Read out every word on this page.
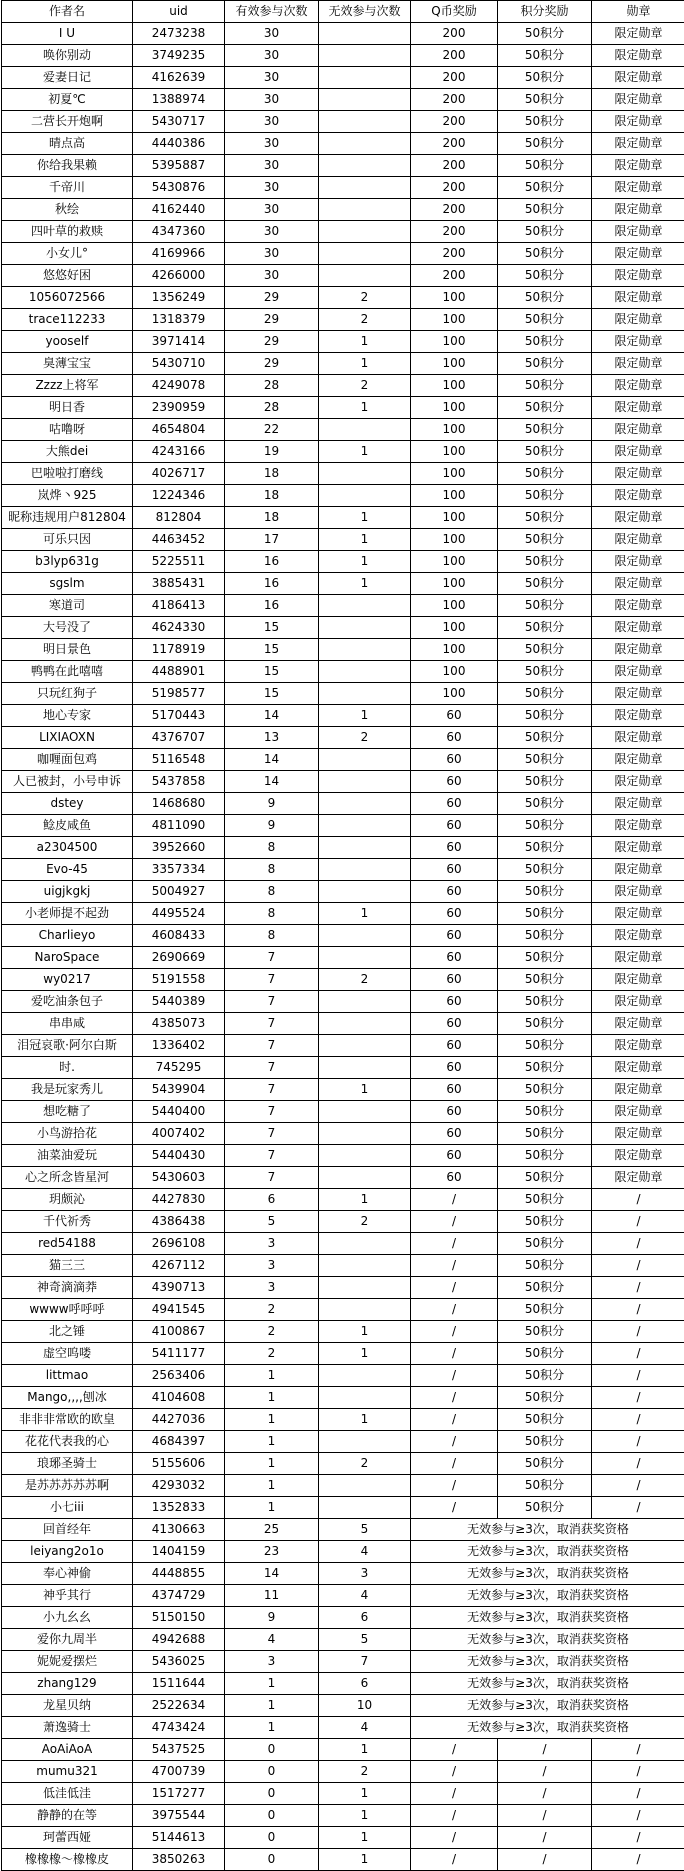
作者名	uid	有效参与次数	无效参与次数	Q币奖励	积分奖励	勋章
I U	2473238	30		200	50积分	限定勋章
唤你别动	3749235	30		200	50积分	限定勋章
爱妻日记	4162639	30		200	50积分	限定勋章
初夏℃	1388974	30		200	50积分	限定勋章
二营长开炮啊	5430717	30		200	50积分	限定勋章
晴点高	4440386	30		200	50积分	限定勋章
你给我果赖	5395887	30		200	50积分	限定勋章
千帝川	5430876	30		200	50积分	限定勋章
秋绘	4162440	30		200	50积分	限定勋章
四叶草的救赎	4347360	30		200	50积分	限定勋章
小女儿°	4169966	30		200	50积分	限定勋章
悠悠好困	4266000	30		200	50积分	限定勋章
1056072566	1356249	29	2	100	50积分	限定勋章
trace112233	1318379	29	2	100	50积分	限定勋章
yooself	3971414	29	1	100	50积分	限定勋章
臭薄宝宝	5430710	29	1	100	50积分	限定勋章
Zzzz上将军	4249078	28	2	100	50积分	限定勋章
明日香	2390959	28	1	100	50积分	限定勋章
咕噜呀	4654804	22		100	50积分	限定勋章
大熊dei	4243166	19	1	100	50积分	限定勋章
巴啦啦打磨线	4026717	18		100	50积分	限定勋章
岚烨丶925	1224346	18		100	50积分	限定勋章
昵称违规用户812804	812804	18	1	100	50积分	限定勋章
可乐只因	4463452	17	1	100	50积分	限定勋章
b3lyp631g	5225511	16	1	100	50积分	限定勋章
sgslm	3885431	16	1	100	50积分	限定勋章
寒道司	4186413	16		100	50积分	限定勋章
大号没了	4624330	15		100	50积分	限定勋章
明日景色	1178919	15		100	50积分	限定勋章
鸭鸭在此嘻嘻	4488901	15		100	50积分	限定勋章
只玩红狗子	5198577	15		100	50积分	限定勋章
地心专家	5170443	14	1	60	50积分	限定勋章
LIXIAOXN	4376707	13	2	60	50积分	限定勋章
咖喱面包鸡	5116548	14		60	50积分	限定勋章
人已被封，小号申诉	5437858	14		60	50积分	限定勋章
dstey	1468680	9		60	50积分	限定勋章
鲶皮咸鱼	4811090	9		60	50积分	限定勋章
a2304500	3952660	8		60	50积分	限定勋章
Evo-45	3357334	8		60	50积分	限定勋章
uigjkgkj	5004927	8		60	50积分	限定勋章
小老师提不起劲	4495524	8	1	60	50积分	限定勋章
Charlieyo	4608433	8		60	50积分	限定勋章
NaroSpace	2690669	7		60	50积分	限定勋章
wy0217	5191558	7	2	60	50积分	限定勋章
爱吃油条包子	5440389	7		60	50积分	限定勋章
串串咸	4385073	7		60	50积分	限定勋章
泪冠哀歌·阿尔白斯	1336402	7		60	50积分	限定勋章
时.	745295	7		60	50积分	限定勋章
我是玩家秀儿	5439904	7	1	60	50积分	限定勋章
想吃糖了	5440400	7		60	50积分	限定勋章
小鸟游拾花	4007402	7		60	50积分	限定勋章
油菜油爱玩	5440430	7		60	50积分	限定勋章
心之所念皆星河	5430603	7		60	50积分	限定勋章
玥颇沁	4427830	6	1	/	50积分	/
千代祈秀	4386438	5	2	/	50积分	/
red54188	2696108	3		/	50积分	/
猫三三	4267112	3		/	50积分	/
神奇滴滴莽	4390713	3		/	50积分	/
wwww呼呼呼	4941545	2		/	50积分	/
北之锤	4100867	2	1	/	50积分	/
虚空呜喽	5411177	2	1	/	50积分	/
littmao	2563406	1		/	50积分	/
Mango,,,,刨冰	4104608	1		/	50积分	/
非非非常欧的欧皇	4427036	1	1	/	50积分	/
花花代表我的心	4684397	1		/	50积分	/
琅琊圣骑士	5155606	1	2	/	50积分	/
是苏苏苏苏苏啊	4293032	1		/	50积分	/
小七iii	1352833	1		/	50积分	/
回首经年	4130663	25	5	无效参与≥3次，取消获奖资格		
leiyang2o1o	1404159	23	4	无效参与≥3次，取消获奖资格		
奉心神偷	4448855	14	3	无效参与≥3次，取消获奖资格		
神乎其行	4374729	11	4	无效参与≥3次，取消获奖资格		
小九幺幺	5150150	9	6	无效参与≥3次，取消获奖资格		
爱你九周半	4942688	4	5	无效参与≥3次，取消获奖资格		
妮妮爱摆烂	5436025	3	7	无效参与≥3次，取消获奖资格		
zhang129	1511644	1	6	无效参与≥3次，取消获奖资格		
龙星贝纳	2522634	1	10	无效参与≥3次，取消获奖资格		
萧逸骑士	4743424	1	4	无效参与≥3次，取消获奖资格		
AoAiAoA	5437525	0	1	/	/	/
mumu321	4700739	0	2	/	/	/
低洼低洼	1517277	0	1	/	/	/
静静的在等	3975544	0	1	/	/	/
珂蕾西娅	5144613	0	1	/	/	/
橡橡橡～橡橡皮	3850263	0	1	/	/	/
